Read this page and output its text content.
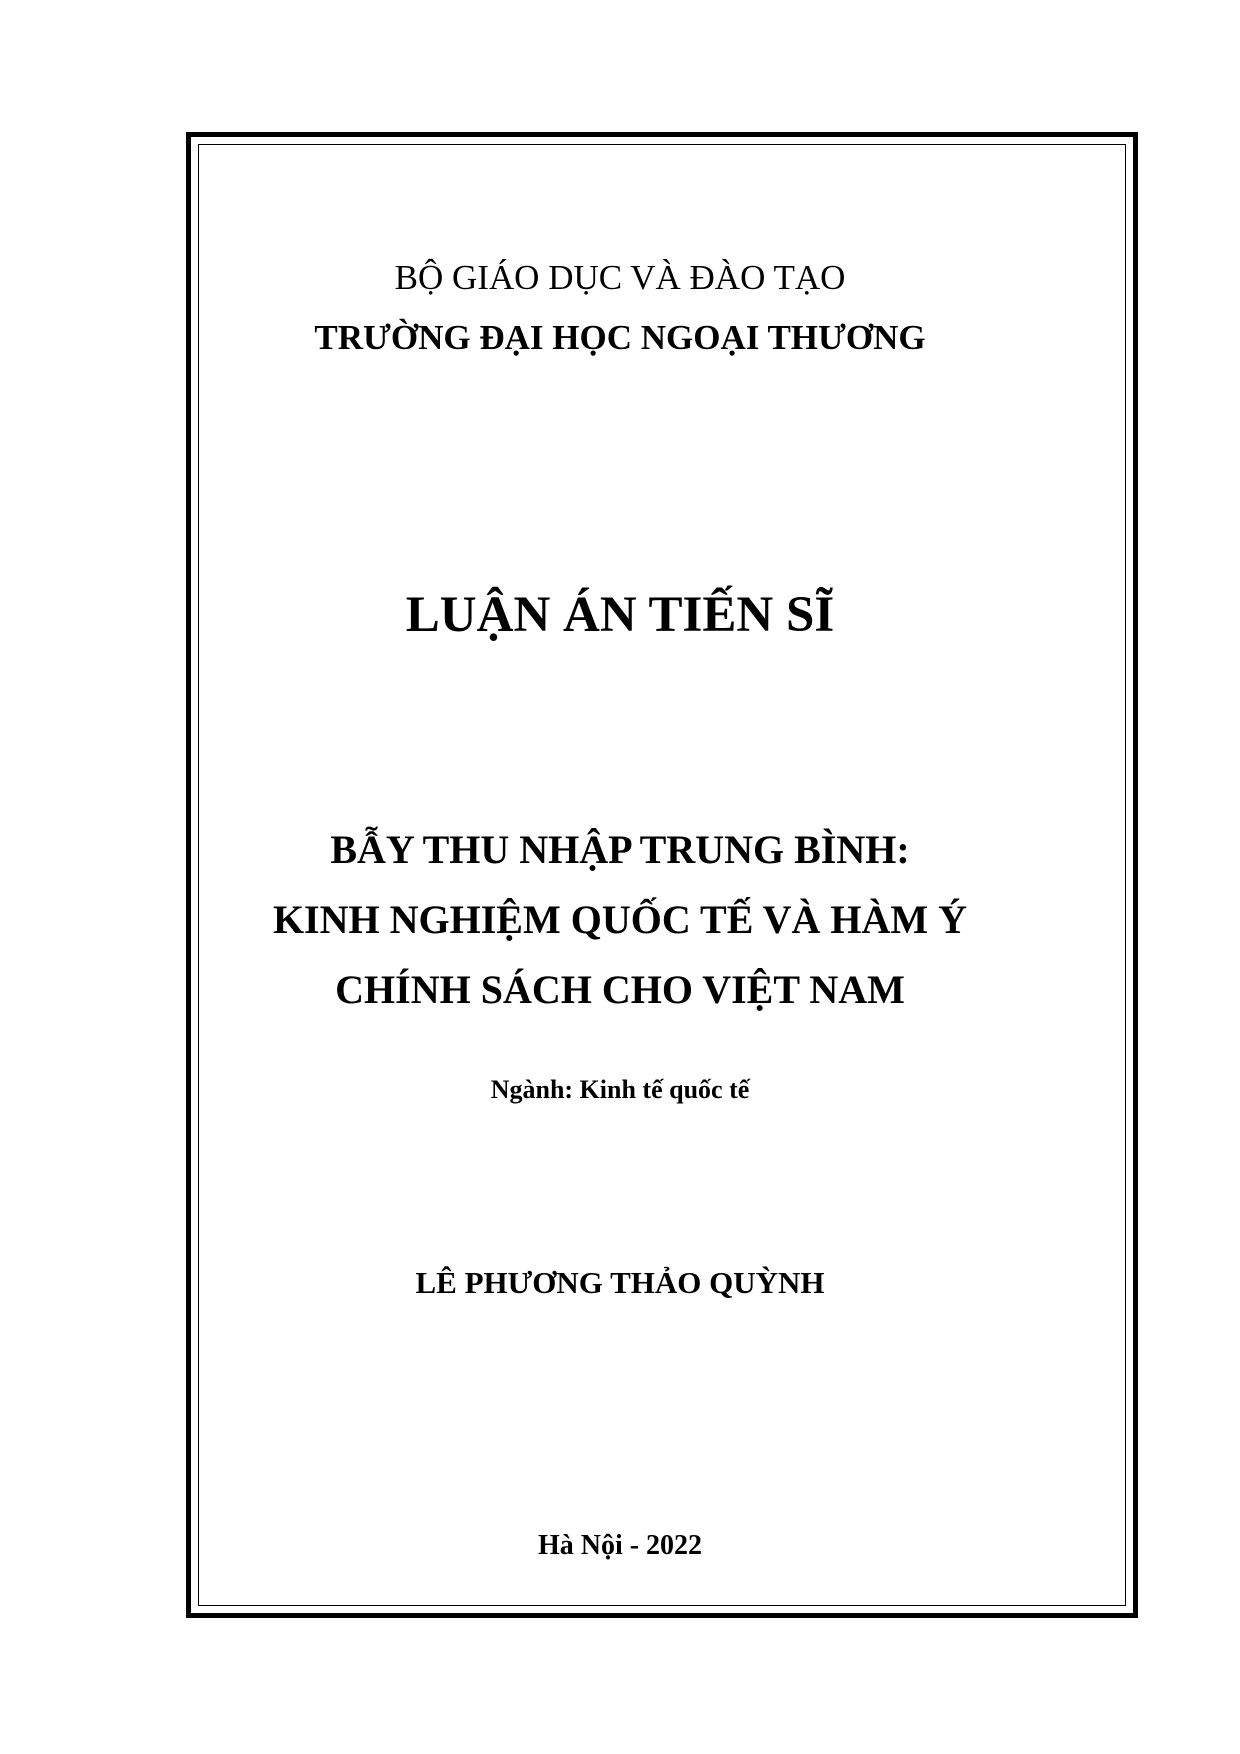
BỘ GIÁO DỤC VÀ ĐÀO TẠO
TRƯỜNG ĐẠI HỌC NGOẠI THƯƠNG
LUẬN ÁN TIẾN SĨ
BẪY THU NHẬP TRUNG BÌNH:
KINH NGHIỆM QUỐC TẾ VÀ HÀM Ý
CHÍNH SÁCH CHO VIỆT NAM
Ngành: Kinh tế quốc tế
LÊ PHƯƠNG THẢO QUỲNH
Hà Nội - 2022
